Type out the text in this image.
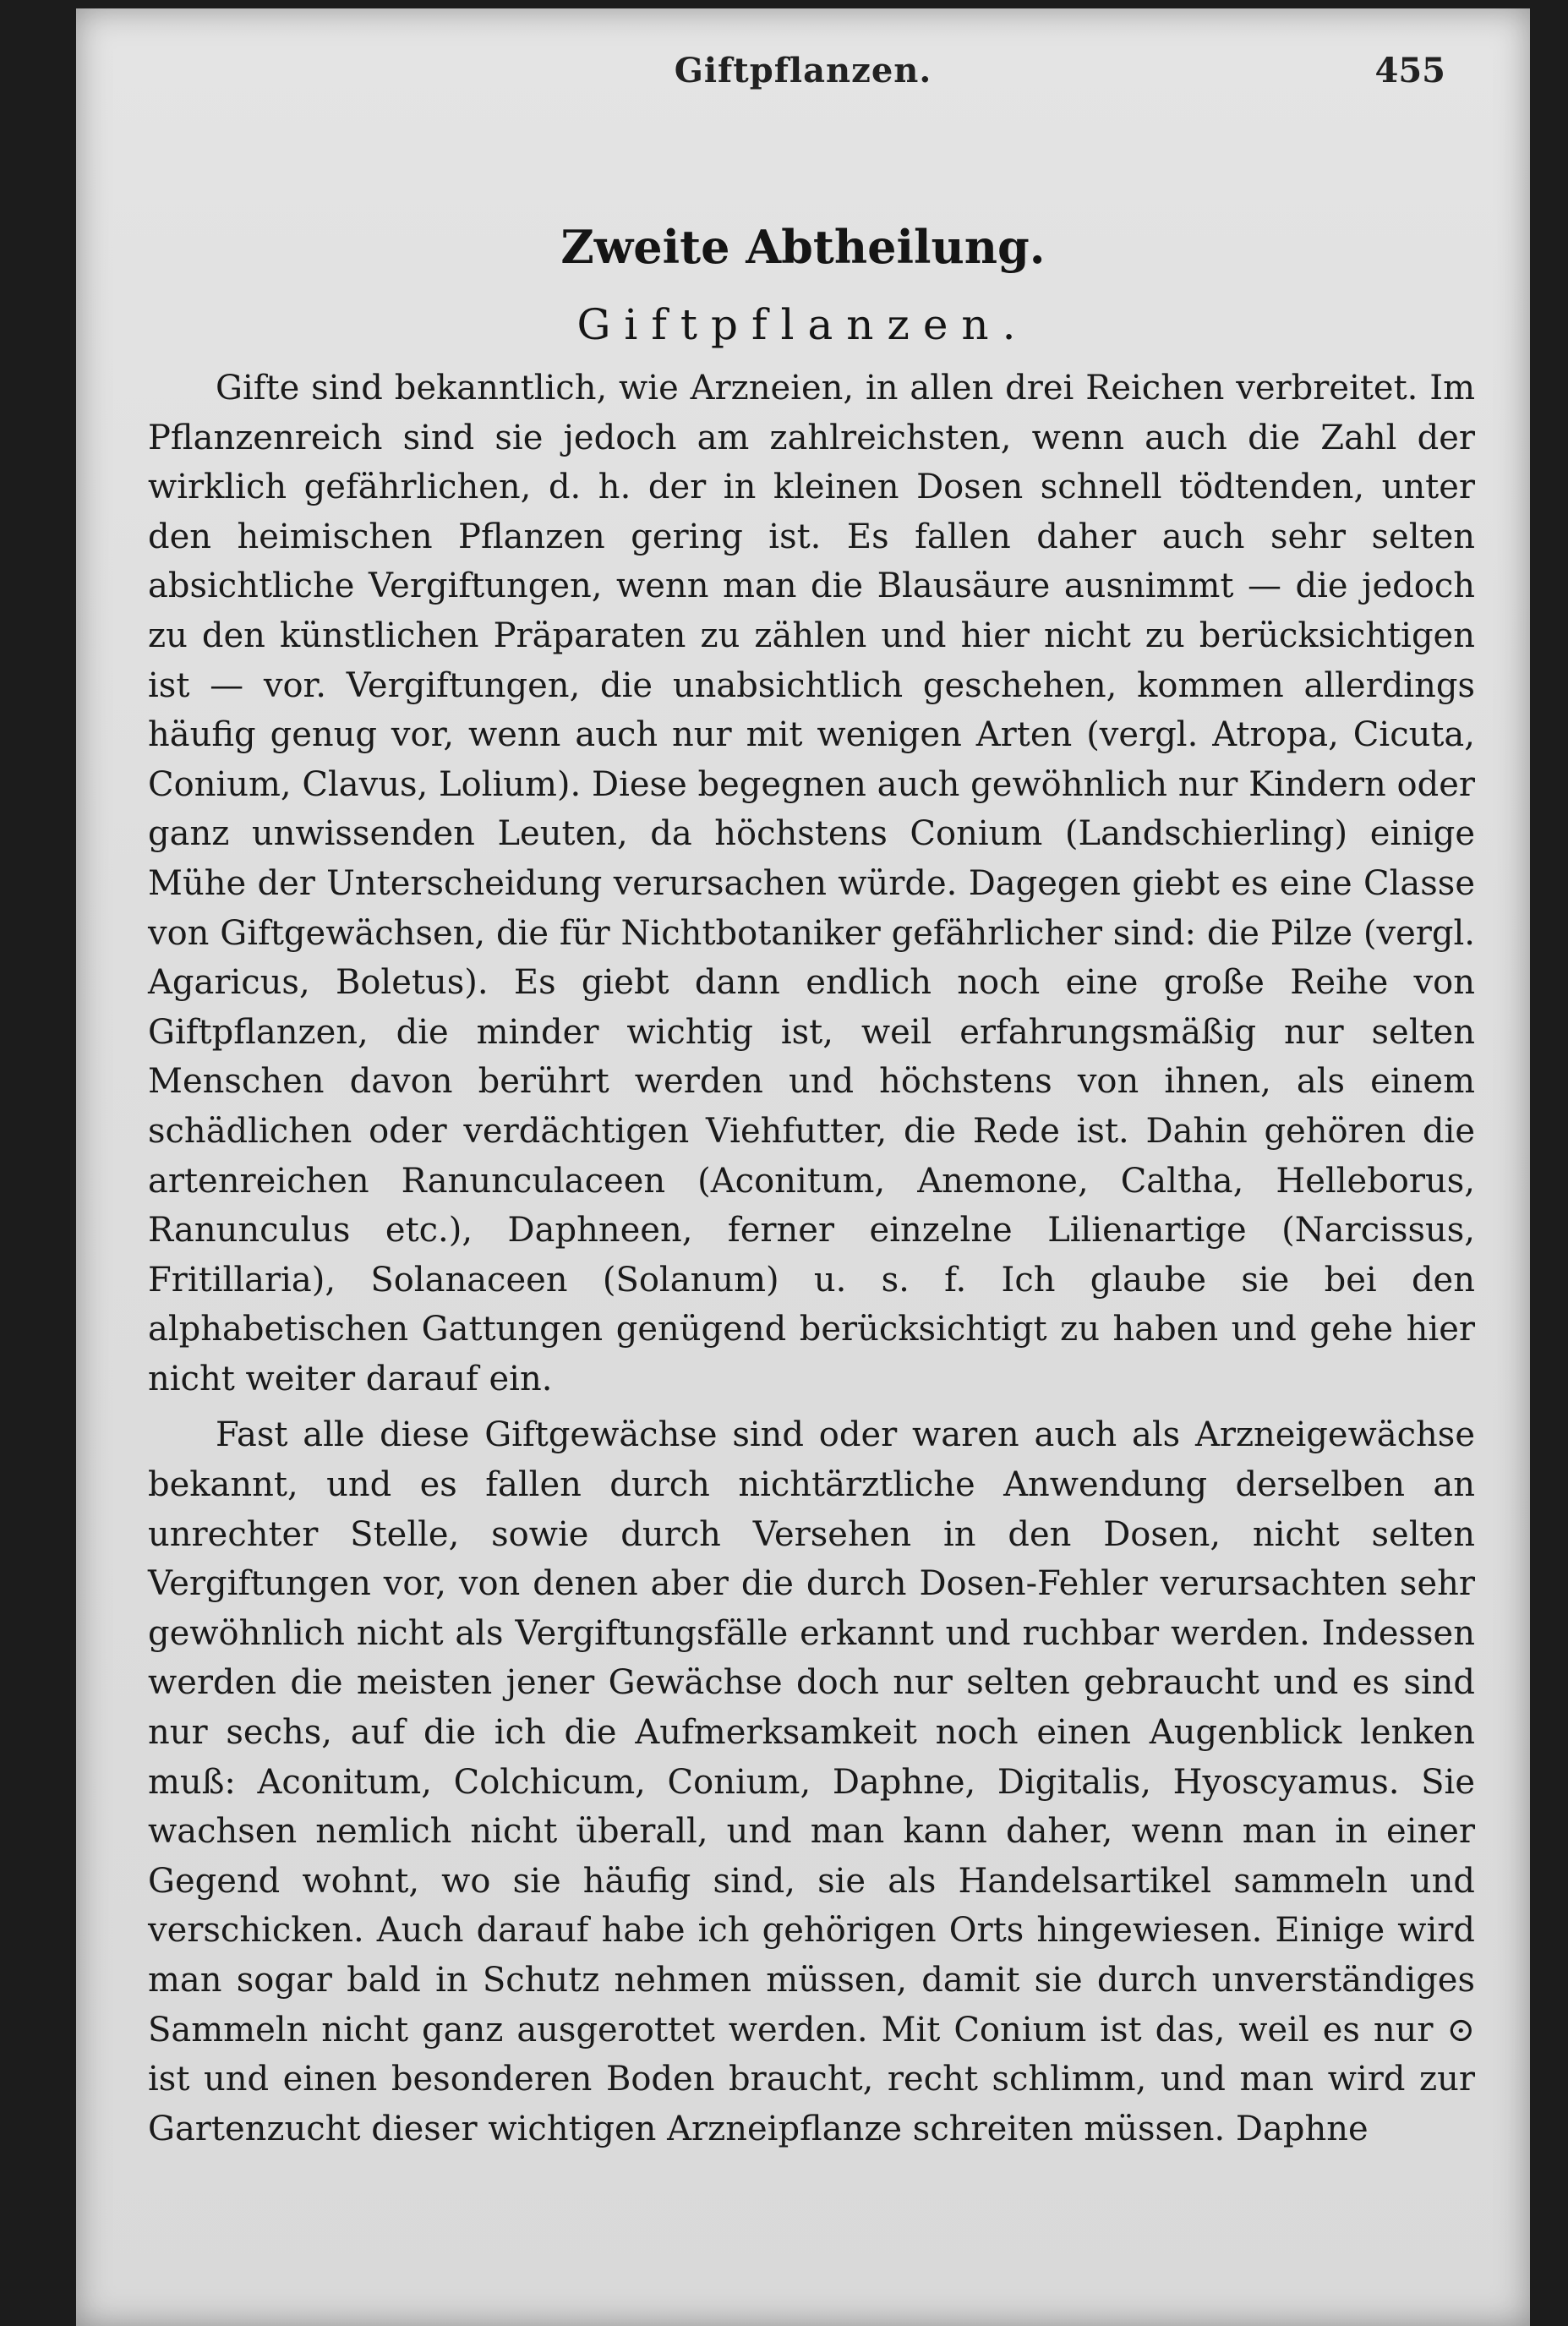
Giftpflanzen.	455
Zweite Abtheilung.
Giftpflanzen.

Gifte sind bekanntlich, wie Arzneien, in allen drei Reichen verbreitet. Im Pflanzenreich sind sie jedoch am zahlreichsten, wenn auch die Zahl der wirklich gefährlichen, d. h. der in kleinen Dosen schnell tödtenden, unter den heimischen Pflanzen gering ist. Es fallen daher auch sehr selten absichtliche Vergiftungen, wenn man die Blausäure ausnimmt — die jedoch zu den künstlichen Präparaten zu zählen und hier nicht zu berücksichtigen ist — vor. Vergiftungen, die unabsichtlich geschehen, kommen allerdings häufig genug vor, wenn auch nur mit wenigen Arten (vergl. Atropa, Cicuta, Conium, Clavus, Lolium). Diese begegnen auch gewöhnlich nur Kindern oder ganz unwissenden Leuten, da höchstens Conium (Landschierling) einige Mühe der Unterscheidung verursachen würde. Dagegen giebt es eine Classe von Giftgewächsen, die für Nichtbotaniker gefährlicher sind: die Pilze (vergl. Agaricus, Boletus). Es giebt dann endlich noch eine große Reihe von Giftpflanzen, die minder wichtig ist, weil erfahrungsmäßig nur selten Menschen davon berührt werden und höchstens von ihnen, als einem schädlichen oder verdächtigen Viehfutter, die Rede ist. Dahin gehören die artenreichen Ranunculaceen (Aconitum, Anemone, Caltha, Helleborus, Ranunculus etc.), Daphneen, ferner einzelne Lilienartige (Narcissus, Fritillaria), Solanaceen (Solanum) u. s. f. Ich glaube sie bei den alphabetischen Gattungen genügend berücksichtigt zu haben und gehe hier nicht weiter darauf ein.

Fast alle diese Giftgewächse sind oder waren auch als Arzneigewächse bekannt, und es fallen durch nichtärztliche Anwendung derselben an unrechter Stelle, sowie durch Versehen in den Dosen, nicht selten Vergiftungen vor, von denen aber die durch Dosen-Fehler verursachten sehr gewöhnlich nicht als Vergiftungsfälle erkannt und ruchbar werden. Indessen werden die meisten jener Gewächse doch nur selten gebraucht und es sind nur sechs, auf die ich die Aufmerksamkeit noch einen Augenblick lenken muß: Aconitum, Colchicum, Conium, Daphne, Digitalis, Hyoscyamus. Sie wachsen nemlich nicht überall, und man kann daher, wenn man in einer Gegend wohnt, wo sie häufig sind, sie als Handelsartikel sammeln und verschicken. Auch darauf habe ich gehörigen Orts hingewiesen. Einige wird man sogar bald in Schutz nehmen müssen, damit sie durch unverständiges Sammeln nicht ganz ausgerottet werden. Mit Conium ist das, weil es nur ⊙ ist und einen besonderen Boden braucht, recht schlimm, und man wird zur Gartenzucht dieser wichtigen Arzneipflanze schreiten müssen. Daphne
